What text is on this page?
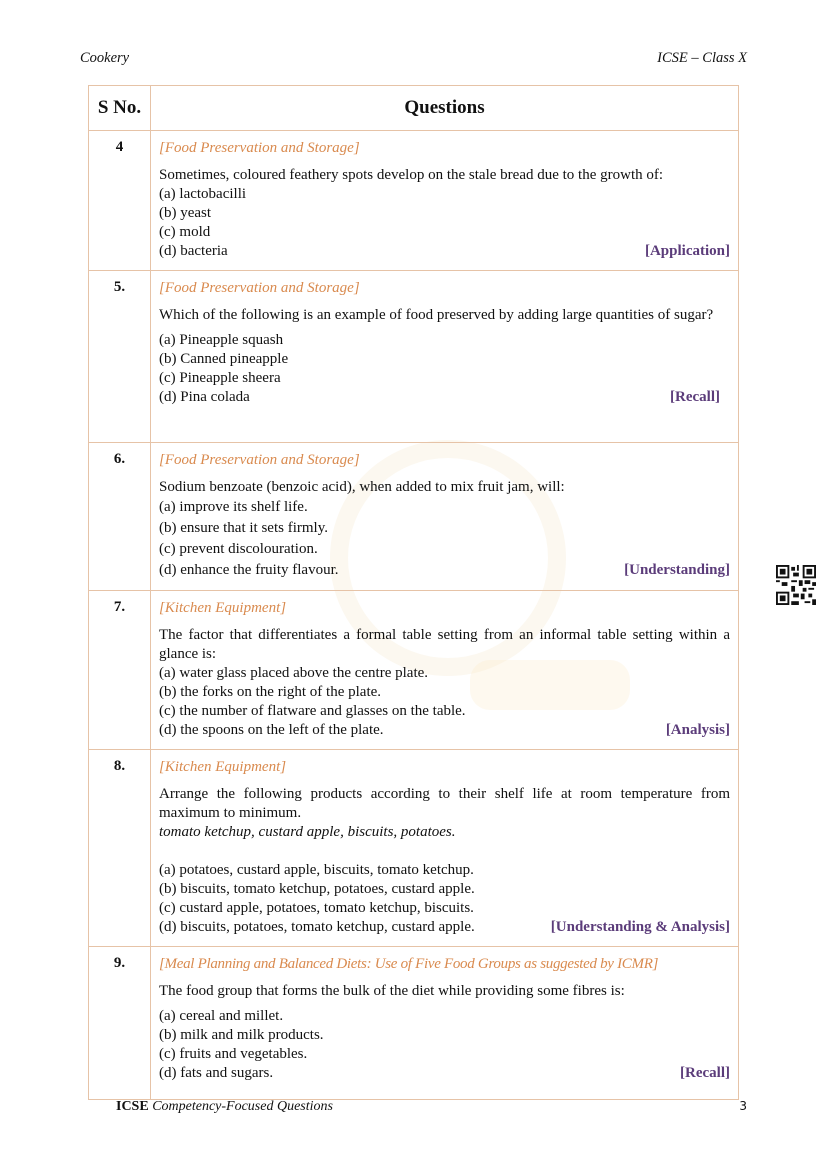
Cookery	ICSE – Class X
S No.	Questions
4	[Food Preservation and Storage]
Sometimes, coloured feathery spots develop on the stale bread due to the growth of:
(a) lactobacilli
(b) yeast
(c) mold
(d) bacteria	[Application]

5.	[Food Preservation and Storage]
Which of the following is an example of food preserved by adding large quantities of sugar?
(a) Pineapple squash
(b) Canned pineapple
(c) Pineapple sheera
(d) Pina colada	[Recall]

6.	[Food Preservation and Storage]
Sodium benzoate (benzoic acid), when added to mix fruit jam, will:
(a) improve its shelf life.
(b) ensure that it sets firmly.
(c) prevent discolouration.
(d) enhance the fruity flavour.	[Understanding]

7.	[Kitchen Equipment]
The factor that differentiates a formal table setting from an informal table setting within a glance is:
(a) water glass placed above the centre plate.
(b) the forks on the right of the plate.
(c) the number of flatware and glasses on the table.
(d) the spoons on the left of the plate.	[Analysis]

8.	[Kitchen Equipment]
Arrange the following products according to their shelf life at room temperature from maximum to minimum.
tomato ketchup, custard apple, biscuits, potatoes.
(a) potatoes, custard apple, biscuits, tomato ketchup.
(b) biscuits, tomato ketchup, potatoes, custard apple.
(c) custard apple, potatoes, tomato ketchup, biscuits.
(d) biscuits, potatoes, tomato ketchup, custard apple.	[Understanding & Analysis]

9.	[Meal Planning and Balanced Diets: Use of Five Food Groups as suggested by ICMR]
The food group that forms the bulk of the diet while providing some fibres is:
(a) cereal and millet.
(b) milk and milk products.
(c) fruits and vegetables.
(d) fats and sugars.	[Recall]
ICSE Competency-Focused Questions	3
